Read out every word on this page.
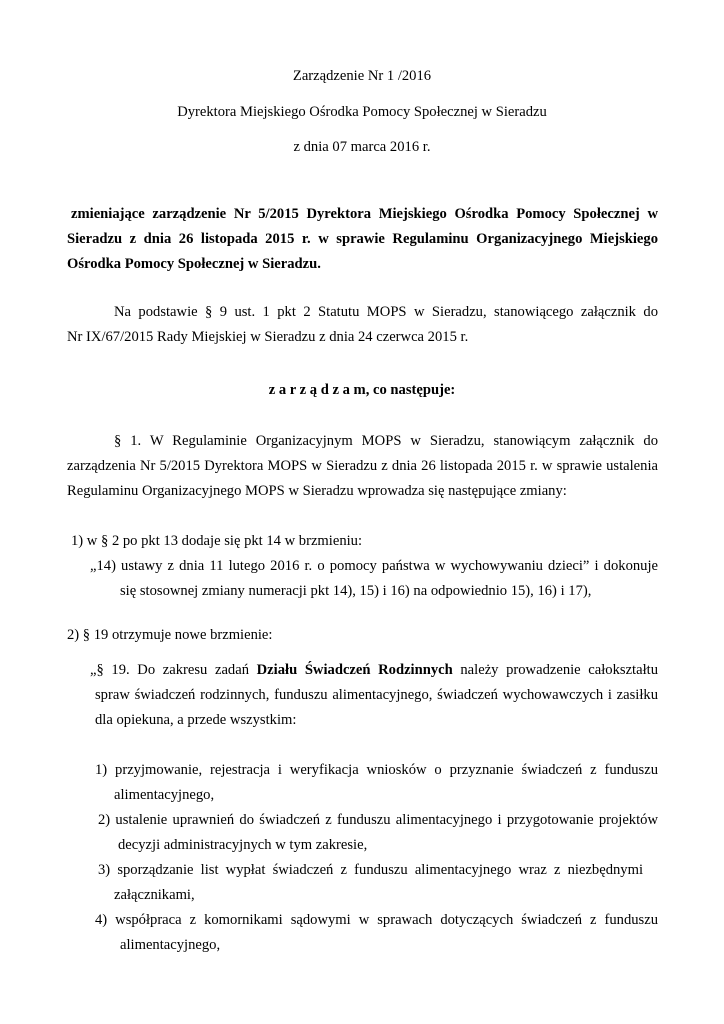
Zarządzenie Nr 1 /2016
Dyrektora Miejskiego Ośrodka Pomocy Społecznej w Sieradzu
z dnia 07 marca 2016 r.
zmieniające zarządzenie Nr 5/2015 Dyrektora Miejskiego Ośrodka Pomocy Społecznej w
Sieradzu z dnia 26 listopada 2015 r. w sprawie Regulaminu Organizacyjnego Miejskiego
Ośrodka Pomocy Społecznej w Sieradzu.
Na podstawie § 9 ust. 1 pkt 2 Statutu MOPS w Sieradzu, stanowiącego załącznik do
Nr IX/67/2015 Rady Miejskiej w Sieradzu z dnia 24 czerwca 2015 r.
z a r z ą d z a m, co następuje:
§ 1. W Regulaminie Organizacyjnym MOPS w Sieradzu, stanowiącym załącznik do
zarządzenia Nr 5/2015 Dyrektora MOPS w Sieradzu z dnia 26 listopada 2015 r. w sprawie ustalenia
Regulaminu Organizacyjnego MOPS w Sieradzu wprowadza się następujące zmiany:
1) w § 2 po pkt 13 dodaje się pkt 14 w brzmieniu:
„14) ustawy z dnia 11 lutego 2016 r. o pomocy państwa w wychowywaniu dzieci” i dokonuje
się stosownej zmiany numeracji pkt 14), 15) i 16) na odpowiednio 15), 16) i 17),
2) § 19 otrzymuje nowe brzmienie:
„§ 19. Do zakresu zadań Działu Świadczeń Rodzinnych należy prowadzenie całokształtu
spraw świadczeń rodzinnych, funduszu alimentacyjnego, świadczeń wychowawczych i zasiłku
dla opiekuna, a przede wszystkim:
1) przyjmowanie, rejestracja i weryfikacja wniosków o przyznanie świadczeń z funduszu
alimentacyjnego,
2) ustalenie uprawnień do świadczeń z funduszu alimentacyjnego i przygotowanie projektów
decyzji administracyjnych w tym zakresie,
3) sporządzanie list wypłat świadczeń z funduszu alimentacyjnego wraz z niezbędnymi
załącznikami,
4) współpraca z komornikami sądowymi w sprawach dotyczących świadczeń z funduszu
alimentacyjnego,
